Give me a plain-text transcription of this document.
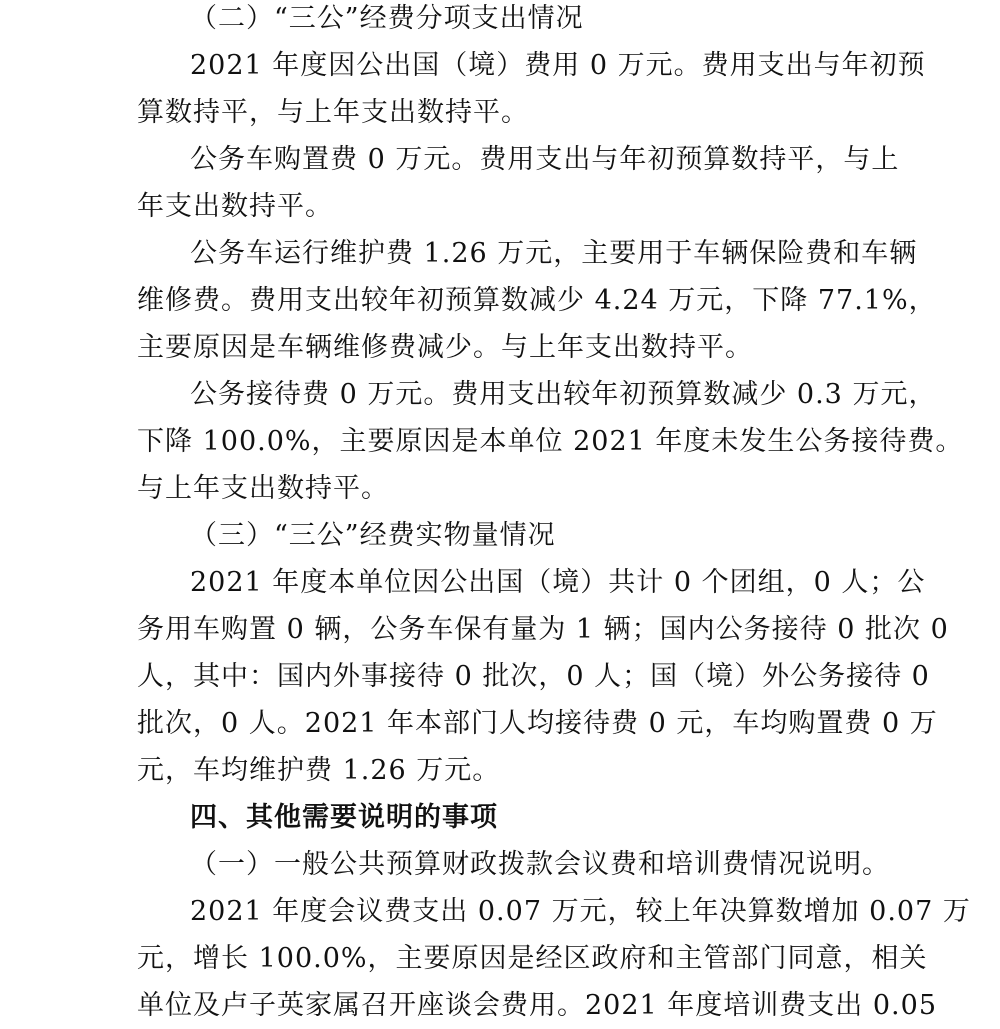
（二）“三公”经费分项支出情况
2021 年度因公出国（境）费用 0 万元。费用支出与年初预
算数持平，与上年支出数持平。
公务车购置费 0 万元。费用支出与年初预算数持平，与上
年支出数持平。
公务车运行维护费 1.26 万元，主要用于车辆保险费和车辆
维修费。费用支出较年初预算数减少 4.24 万元，下降 77.1%，
主要原因是车辆维修费减少。与上年支出数持平。
公务接待费 0 万元。费用支出较年初预算数减少 0.3 万元，
下降 100.0%，主要原因是本单位 2021 年度未发生公务接待费。
与上年支出数持平。
（三）“三公”经费实物量情况
2021 年度本单位因公出国（境）共计 0 个团组，0 人；公
务用车购置 0 辆，公务车保有量为 1 辆；国内公务接待 0 批次 0
人，其中：国内外事接待 0 批次，0 人；国（境）外公务接待 0
批次，0 人。2021 年本部门人均接待费 0 元，车均购置费 0 万
元，车均维护费 1.26 万元。
四、其他需要说明的事项
（一）一般公共预算财政拨款会议费和培训费情况说明。
2021 年度会议费支出 0.07 万元，较上年决算数增加 0.07 万
元，增长 100.0%，主要原因是经区政府和主管部门同意，相关
单位及卢子英家属召开座谈会费用。2021 年度培训费支出 0.05
